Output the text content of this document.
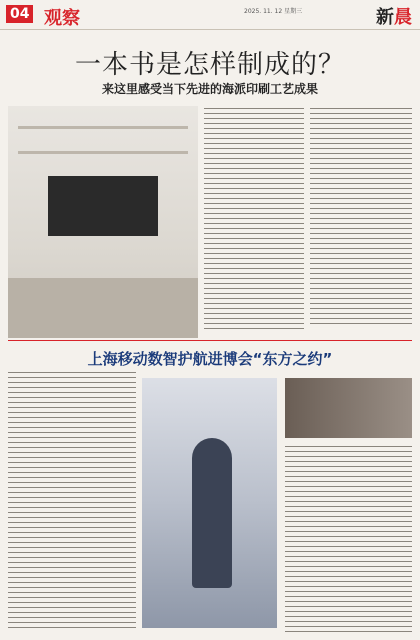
04 观察	2025. 11. 12 星期三	新晨
一本书是怎样制成的？
来这里感受当下先进的海派印刷工艺成果
上海移动数智护航进博会“东方之约”
